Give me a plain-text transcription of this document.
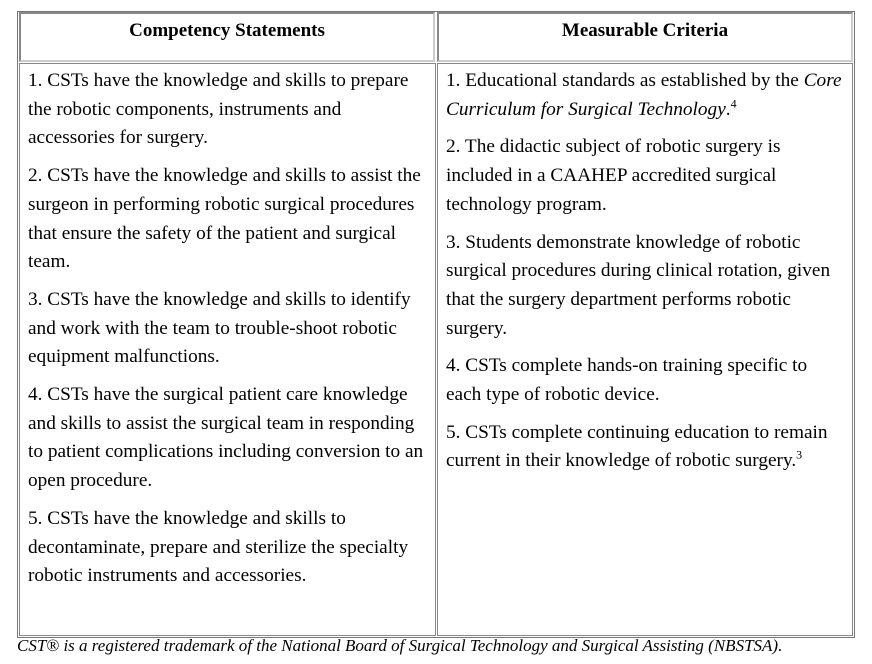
Competency Statements	Measurable Criteria

1. CSTs have the knowledge and skills to prepare the robotic components, instruments and accessories for surgery.

2. CSTs have the knowledge and skills to assist the surgeon in performing robotic surgical procedures that ensure the safety of the patient and surgical team.

3. CSTs have the knowledge and skills to identify and work with the team to trouble-shoot robotic equipment malfunctions.

4. CSTs have the surgical patient care knowledge and skills to assist the surgical team in responding to patient complications including conversion to an open procedure.

5. CSTs have the knowledge and skills to decontaminate, prepare and sterilize the specialty robotic instruments and accessories.

1. Educational standards as established by the Core Curriculum for Surgical Technology.$^4$

2. The didactic subject of robotic surgery is included in a CAAHEP accredited surgical technology program.

3. Students demonstrate knowledge of robotic surgical procedures during clinical rotation, given that the surgery department performs robotic surgery.

4. CSTs complete hands-on training specific to each type of robotic device.

5. CSTs complete continuing education to remain current in their knowledge of robotic surgery.$^3$

CST® is a registered trademark of the National Board of Surgical Technology and Surgical Assisting (NBSTSA).
